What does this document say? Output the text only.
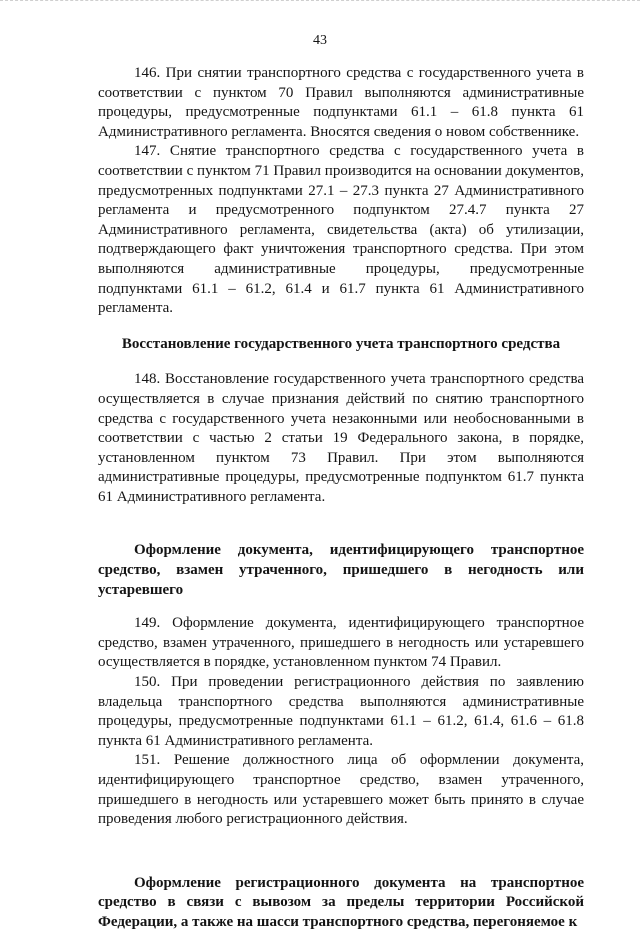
43

146. При снятии транспортного средства с государственного учета в соответствии с пунктом 70 Правил выполняются административные процедуры, предусмотренные подпунктами 61.1 – 61.8 пункта 61 Административного регламента. Вносятся сведения о новом собственнике.

147. Снятие транспортного средства с государственного учета в соответствии с пунктом 71 Правил производится на основании документов, предусмотренных подпунктами 27.1 – 27.3 пункта 27 Административного регламента и предусмотренного подпунктом 27.4.7 пункта 27 Административного регламента, свидетельства (акта) об утилизации, подтверждающего факт уничтожения транспортного средства. При этом выполняются административные процедуры, предусмотренные подпунктами 61.1 – 61.2, 61.4 и 61.7 пункта 61 Административного регламента.

Восстановление государственного учета транспортного средства

148. Восстановление государственного учета транспортного средства осуществляется в случае признания действий по снятию транспортного средства с государственного учета незаконными или необоснованными в соответствии с частью 2 статьи 19 Федерального закона, в порядке, установленном пунктом 73 Правил. При этом выполняются административные процедуры, предусмотренные подпунктом 61.7 пункта 61 Административного регламента.

Оформление документа, идентифицирующего транспортное средство, взамен утраченного, пришедшего в негодность или устаревшего

149. Оформление документа, идентифицирующего транспортное средство, взамен утраченного, пришедшего в негодность или устаревшего осуществляется в порядке, установленном пунктом 74 Правил.

150. При проведении регистрационного действия по заявлению владельца транспортного средства выполняются административные процедуры, предусмотренные подпунктами 61.1 – 61.2, 61.4, 61.6 – 61.8 пункта 61 Административного регламента.

151. Решение должностного лица об оформлении документа, идентифицирующего транспортное средство, взамен утраченного, пришедшего в негодность или устаревшего может быть принято в случае проведения любого регистрационного действия.

Оформление регистрационного документа на транспортное средство в связи с вывозом за пределы территории Российской Федерации, а также на шасси транспортного средства, перегоняемое к
